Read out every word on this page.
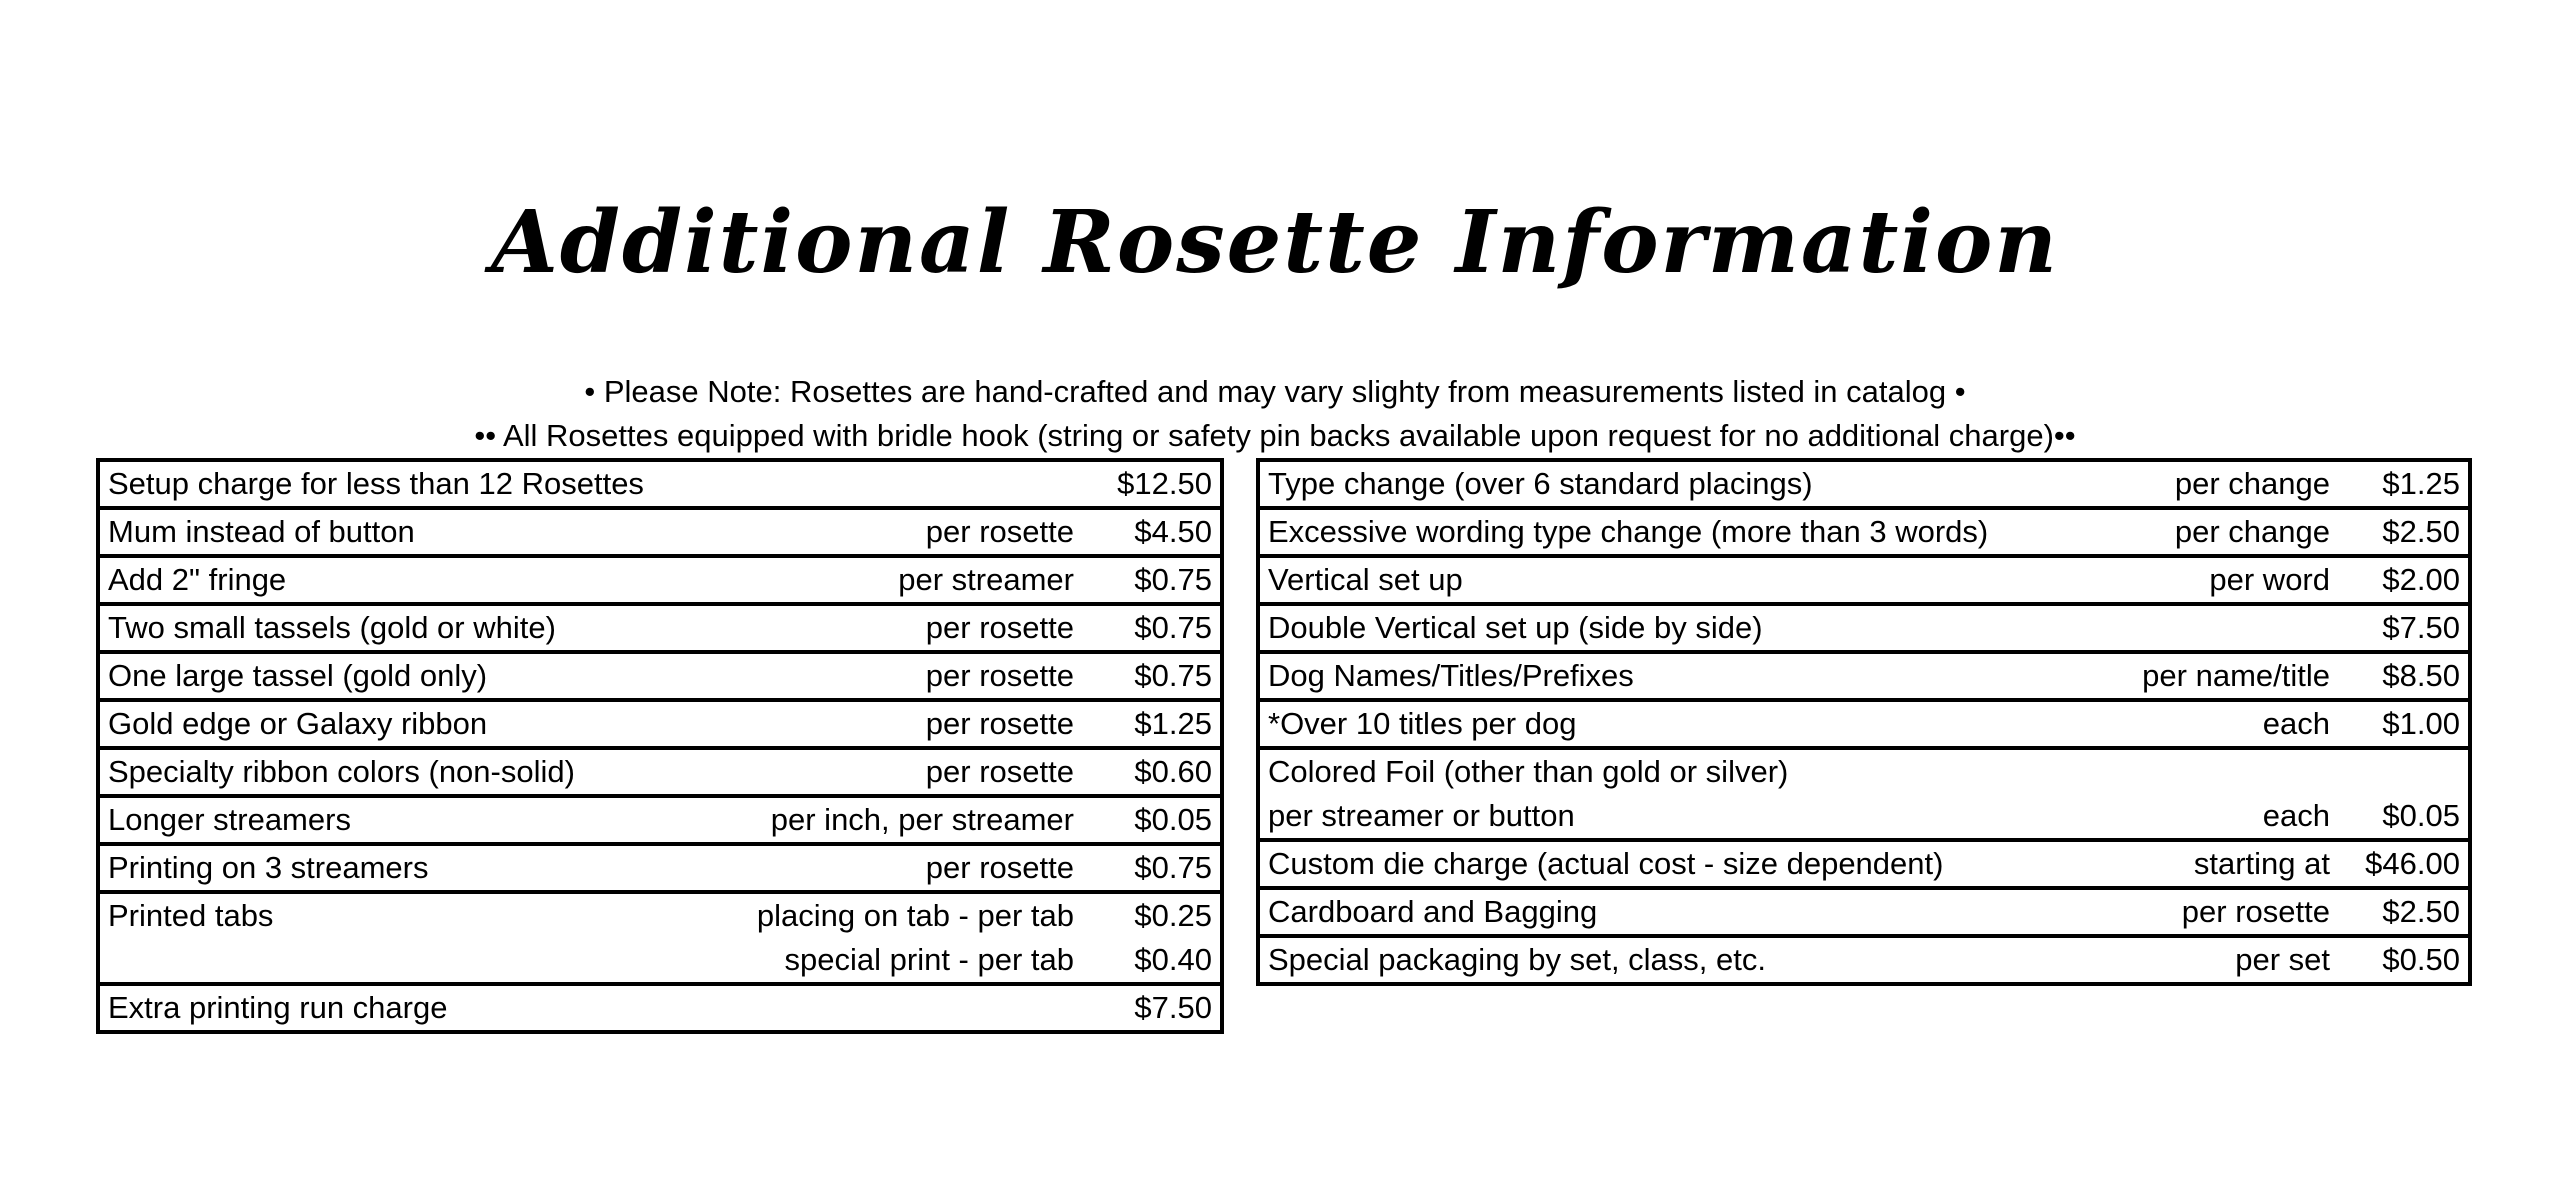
Additional Rosette Information
• Please Note: Rosettes are hand-crafted and may vary slighty from measurements listed in catalog •
•• All Rosettes equipped with bridle hook (string or safety pin backs available upon request for no additional charge)••
Setup charge for less than 12 Rosettes		$12.50
Mum instead of button	per rosette	$4.50
Add 2" fringe	per streamer	$0.75
Two small tassels (gold or white)	per rosette	$0.75
One large tassel (gold only)	per rosette	$0.75
Gold edge or Galaxy ribbon	per rosette	$1.25
Specialty ribbon colors (non-solid)	per rosette	$0.60
Longer streamers	per inch, per streamer	$0.05
Printing on 3 streamers	per rosette	$0.75
Printed tabs	placing on tab - per tab	$0.25
	special print - per tab	$0.40
Extra printing run charge		$7.50
Type change (over 6 standard placings)	per change	$1.25
Excessive wording type change (more than 3 words)	per change	$2.50
Vertical set up	per word	$2.00
Double Vertical set up (side by side)		$7.50
Dog Names/Titles/Prefixes	per name/title	$8.50
*Over 10 titles per dog	each	$1.00
Colored Foil (other than gold or silver)		
per streamer or button	each	$0.05
Custom die charge (actual cost - size dependent)	starting at	$46.00
Cardboard and Bagging	per rosette	$2.50
Special packaging by set, class, etc.	per set	$0.50
